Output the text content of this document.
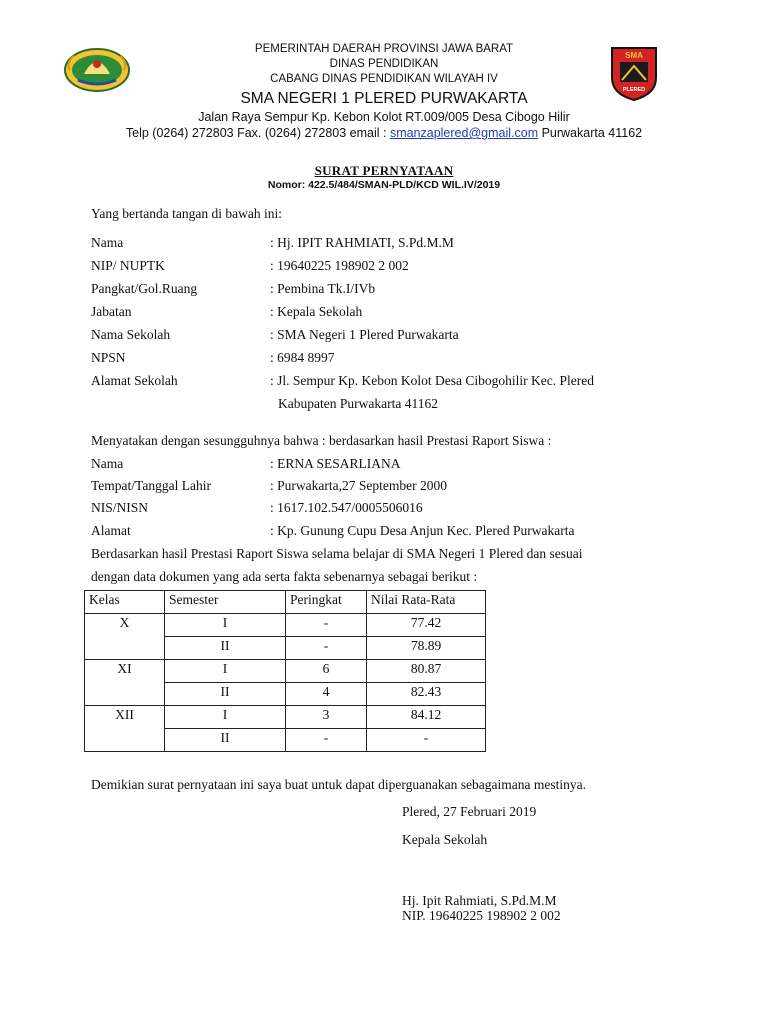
SMA
PLERED
PEMERINTAH DAERAH PROVINSI JAWA BARAT
DINAS PENDIDIKAN
CABANG DINAS PENDIDIKAN WILAYAH IV
SMA NEGERI 1 PLERED PURWAKARTA
Jalan Raya Sempur Kp. Kebon Kolot RT.009/005 Desa Cibogo Hilir
Telp (0264) 272803 Fax. (0264) 272803 email : smanzaplered@gmail.com Purwakarta 41162
SURAT PERNYATAAN
Nomor: 422.5/484/SMAN-PLD/KCD WIL.IV/2019
Yang bertanda tangan di bawah ini:
Nama	: Hj. IPIT RAHMIATI, S.Pd.M.M
NIP/ NUPTK	: 19640225 198902 2 002
Pangkat/Gol.Ruang	: Pembina Tk.I/IVb
Jabatan	: Kepala Sekolah
Nama Sekolah	: SMA Negeri 1 Plered Purwakarta
NPSN	: 6984 8997
Alamat Sekolah	: Jl. Sempur Kp. Kebon Kolot Desa Cibogohilir Kec. Plered
Kabupaten Purwakarta 41162
Menyatakan dengan sesungguhnya bahwa : berdasarkan hasil Prestasi Raport Siswa :
Nama	: ERNA SESARLIANA
Tempat/Tanggal Lahir	: Purwakarta,27 September 2000
NIS/NISN	: 1617.102.547/0005506016
Alamat	: Kp. Gunung Cupu Desa Anjun Kec. Plered Purwakarta
Berdasarkan hasil Prestasi Raport Siswa selama belajar di SMA Negeri 1 Plered dan sesuai
dengan data dokumen yang ada serta fakta sebenarnya sebagai berikut :
Kelas	Semester	Peringkat	Nilai Rata-Rata
X	I	-	77.42
	II	-	78.89
XI	I	6	80.87
	II	4	82.43
XII	I	3	84.12
	II	-	-
Demikian surat pernyataan ini saya buat untuk dapat diperguanakan sebagaimana mestinya.
Plered, 27 Februari 2019
Kepala Sekolah
Hj. Ipit Rahmiati, S.Pd.M.M
NIP. 19640225 198902 2 002
